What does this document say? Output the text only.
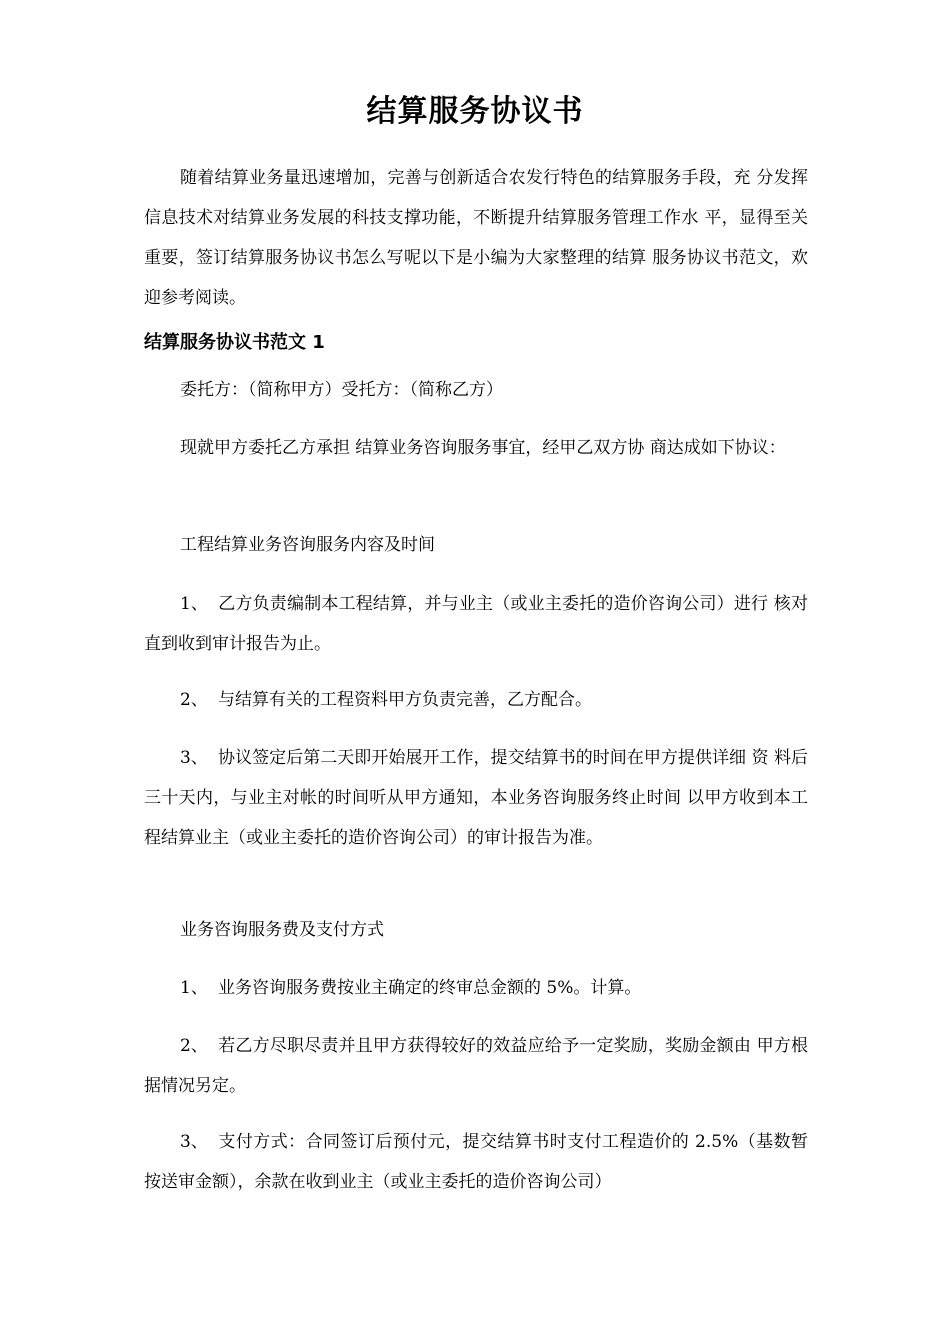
结算服务协议书

随着结算业务量迅速增加，完善与创新适合农发行特色的结算服务手段，充 分发挥信息技术对结算业务发展的科技支撑功能，不断提升结算服务管理工作水 平，显得至关重要，签订结算服务协议书怎么写呢以下是小编为大家整理的结算 服务协议书范文，欢迎参考阅读。

结算服务协议书范文 1

委托方：（简称甲方）受托方：（简称乙方）

现就甲方委托乙方承担 结算业务咨询服务事宜，经甲乙双方协 商达成如下协议：

工程结算业务咨询服务内容及时间

1、 乙方负责编制本工程结算，并与业主（或业主委托的造价咨询公司）进行 核对直到收到审计报告为止。

2、 与结算有关的工程资料甲方负责完善，乙方配合。

3、 协议签定后第二天即开始展开工作，提交结算书的时间在甲方提供详细 资 料后三十天内，与业主对帐的时间听从甲方通知，本业务咨询服务终止时间 以甲方收到本工程结算业主（或业主委托的造价咨询公司）的审计报告为准。

业务咨询服务费及支付方式

1、 业务咨询服务费按业主确定的终审总金额的 5%。计算。

2、 若乙方尽职尽责并且甲方获得较好的效益应给予一定奖励，奖励金额由 甲方根据情况另定。

3、 支付方式：合同签订后预付元，提交结算书时支付工程造价的 2.5%（基数暂按送审金额），余款在收到业主（或业主委托的造价咨询公司）
